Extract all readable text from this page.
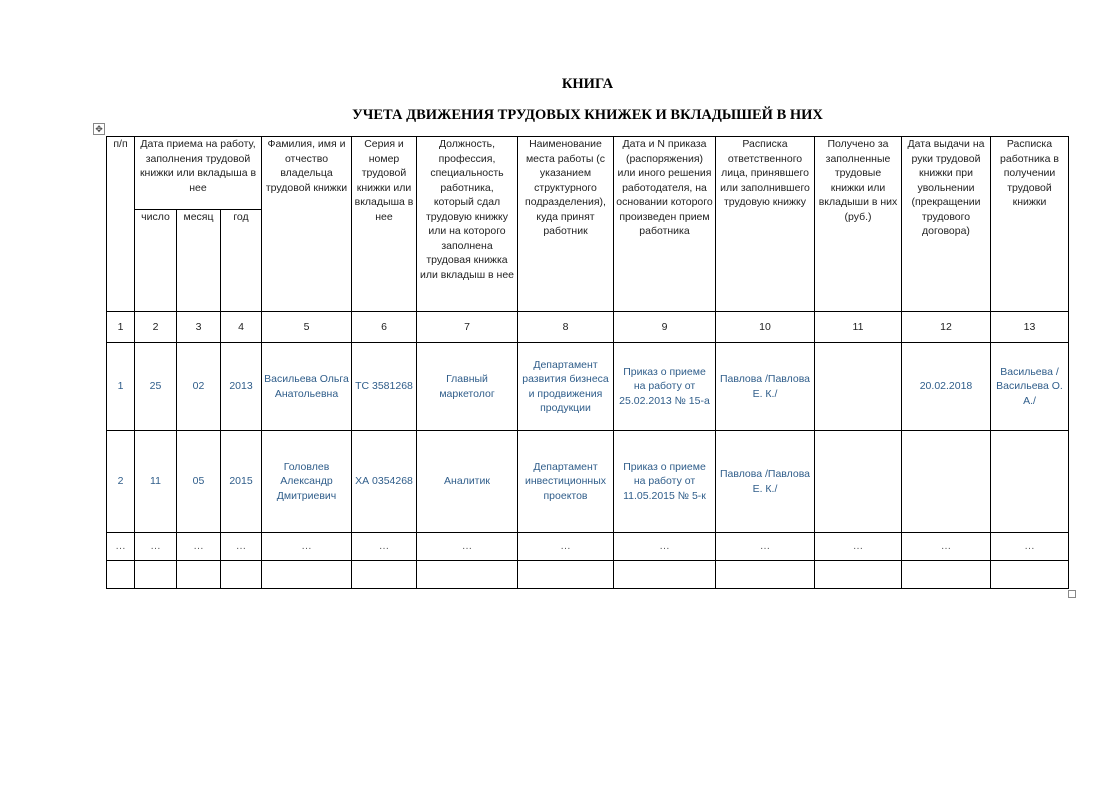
КНИГА
УЧЕТА ДВИЖЕНИЯ ТРУДОВЫХ КНИЖЕК И ВКЛАДЫШЕЙ В НИХ
✥
п/п	Дата приема на работу, заполнения трудовой книжки или вкладыша в нее			Фамилия, имя и отчество владельца трудовой книжки	Серия и номер трудовой книжки или вкладыша в нее	Должность, профессия, специальность работника, который сдал трудовую книжку или на которого заполнена трудовая книжка или вкладыш в нее	Наименование места работы (с указанием структурного подразделения), куда принят работник	Дата и N приказа (распоряжения) или иного решения работодателя, на основании которого произведен прием работника	Расписка ответственного лица, принявшего или заполнившего трудовую книжку	Получено за заполненные трудовые книжки или вкладыши в них (руб.)	Дата выдачи на руки трудовой книжки при увольнении (прекращении трудового договора)	Расписка работника в получении трудовой книжки
	число	месяц	год									
1	2	3	4	5	6	7	8	9	10	11	12	13
1	25	02	2013	Васильева Ольга Анатольевна	ТС 3581268	Главный маркетолог	Департамент развития бизнеса и продвижения продукции	Приказ о приеме на работу от 25.02.2013 № 15-а	Павлова /Павлова Е. К./		20.02.2018	Васильева /Васильева О. А./
2	11	05	2015	Головлев Александр Дмитриевич	ХА 0354268	Аналитик	Департамент инвестиционных проектов	Приказ о приеме на работу от 11.05.2015 № 5-к	Павлова /Павлова Е. К./			
…	…	…	…	…	…	…	…	…	…	…	…	…
